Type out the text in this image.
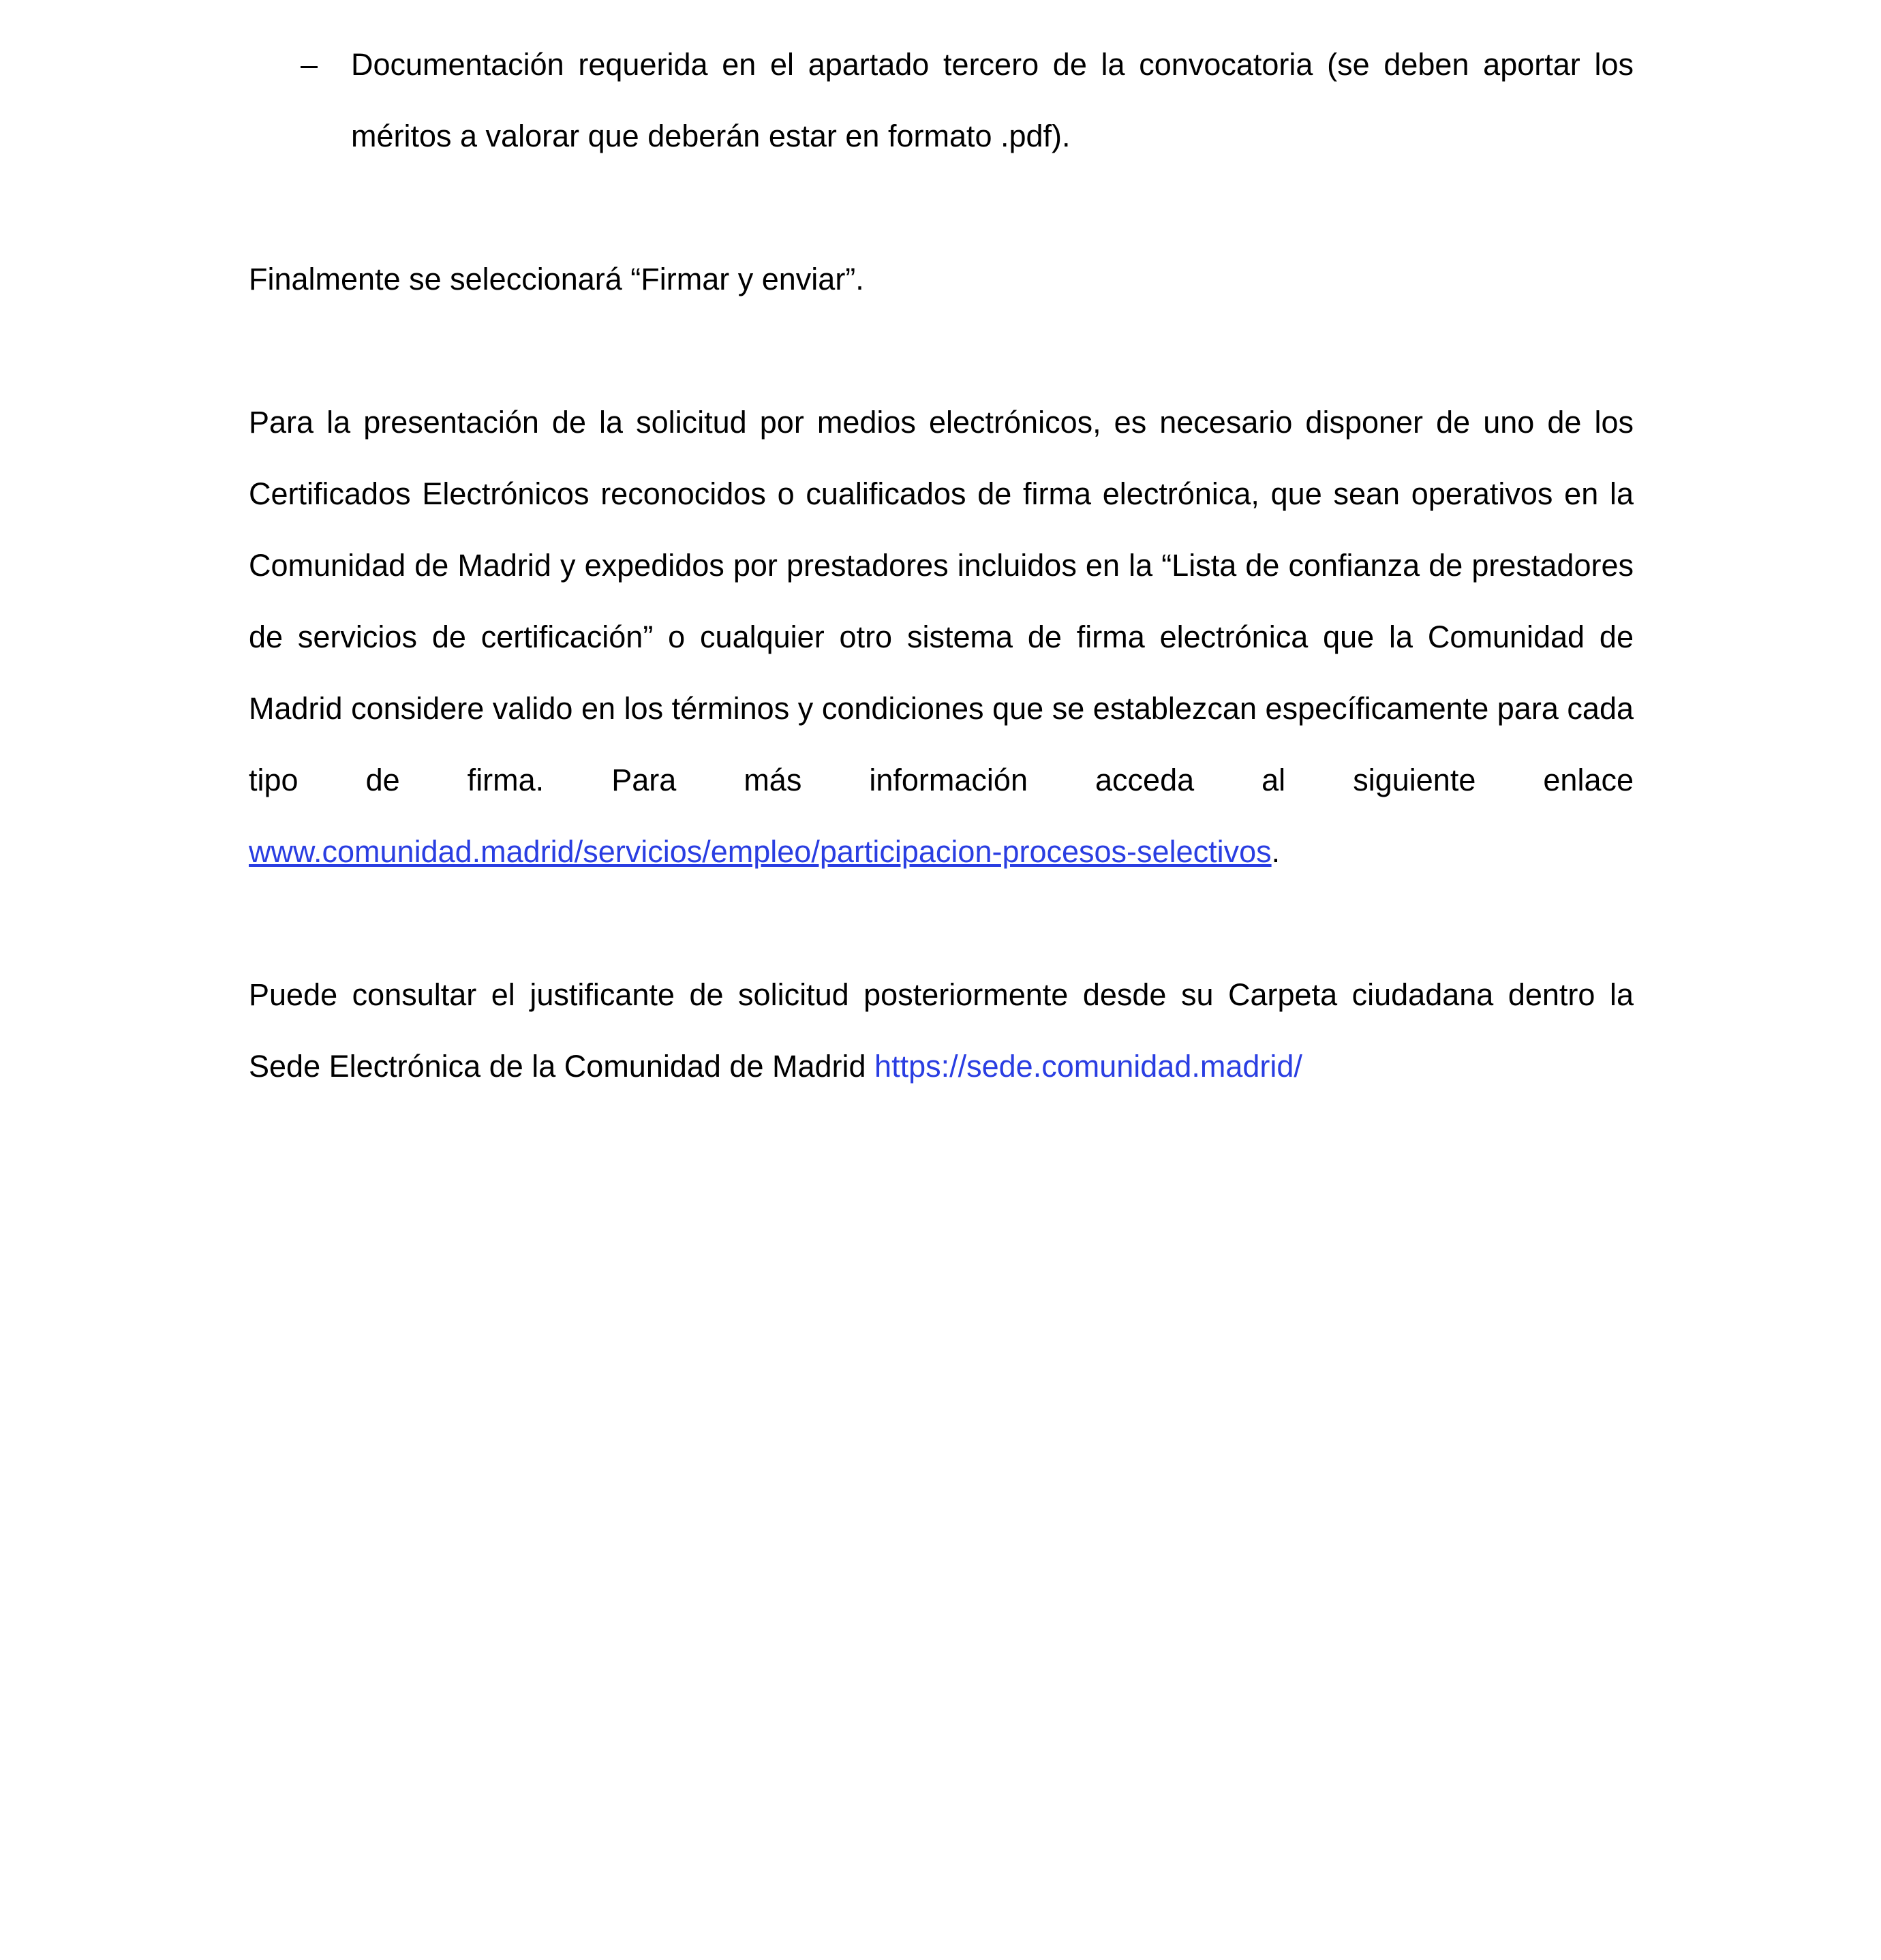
– Documentación requerida en el apartado tercero de la convocatoria (se deben aportar los
méritos a valorar que deberán estar en formato .pdf).
Finalmente se seleccionará “Firmar y enviar”.
Para la presentación de la solicitud por medios electrónicos, es necesario disponer de uno de los
Certificados Electrónicos reconocidos o cualificados de firma electrónica, que sean operativos en la
Comunidad de Madrid y expedidos por prestadores incluidos en la “Lista de confianza de prestadores
de servicios de certificación” o cualquier otro sistema de firma electrónica que la Comunidad de
Madrid considere valido en los términos y condiciones que se establezcan específicamente para cada
tipo de firma. Para más información acceda al siguiente enlace
www.comunidad.madrid/servicios/empleo/participacion-procesos-selectivos.
Puede consultar el justificante de solicitud posteriormente desde su Carpeta ciudadana dentro la
Sede Electrónica de la Comunidad de Madrid https://sede.comunidad.madrid/
